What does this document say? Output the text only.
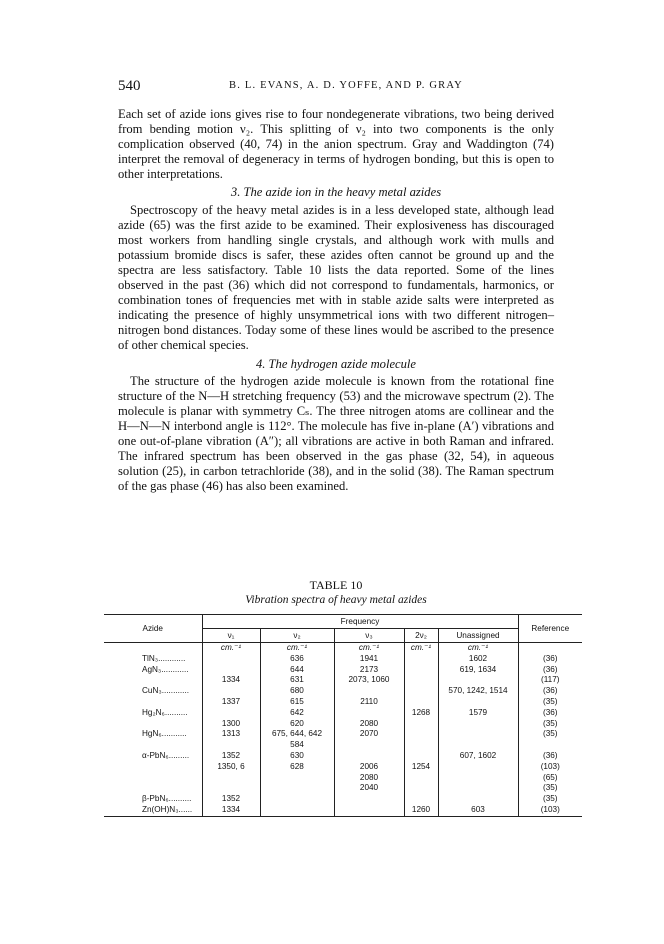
540	B. L. EVANS, A. D. YOFFE, AND P. GRAY

Each set of azide ions gives rise to four nondegenerate vibrations, two being derived from bending motion ν₂. This splitting of ν₂ into two components is the only complication observed (40, 74) in the anion spectrum. Gray and Waddington (74) interpret the removal of degeneracy in terms of hydrogen bonding, but this is open to other interpretations.

3. The azide ion in the heavy metal azides

Spectroscopy of the heavy metal azides is in a less developed state, although lead azide (65) was the first azide to be examined. Their explosiveness has discouraged most workers from handling single crystals, and although work with mulls and potassium bromide discs is safer, these azides often cannot be ground up and the spectra are less satisfactory. Table 10 lists the data reported. Some of the lines observed in the past (36) which did not correspond to fundamentals, harmonics, or combination tones of frequencies met with in stable azide salts were interpreted as indicating the presence of highly unsymmetrical ions with two different nitrogen–nitrogen bond distances. Today some of these lines would be ascribed to the presence of other chemical species.

4. The hydrogen azide molecule

The structure of the hydrogen azide molecule is known from the rotational fine structure of the N—H stretching frequency (53) and the microwave spectrum (2). The molecule is planar with symmetry Cₛ. The three nitrogen atoms are collinear and the H—N—N interbond angle is 112°. The molecule has five in-plane (A′) vibrations and one out-of-plane vibration (A″); all vibrations are active in both Raman and infrared. The infrared spectrum has been observed in the gas phase (32, 54), in aqueous solution (25), in carbon tetrachloride (38), and in the solid (38). The Raman spectrum of the gas phase (46) has also been examined.

TABLE 10
Vibration spectra of heavy metal azides
Azide	Frequency					Reference
	ν₁	ν₂	ν₃	2ν₂	Unassigned	
	cm.⁻¹	cm.⁻¹	cm.⁻¹	cm.⁻¹	cm.⁻¹	
TlN₃............		636	1941		1602	(36)
AgN₃............		644	2173		619, 1634	(36)
	1334	631	2073, 1060			(117)
CuN₃............		680			570, 1242, 1514	(36)
	1337	615	2110			(35)
Hg₂N₆..........		642		1268	1579	(36)
	1300	620	2080			(35)
HgN₆...........	1313	675, 644, 642	2070			(35)
		584				
α-PbN₆.........	1352	630			607, 1602	(36)
	1350, 6	628	2006	1254		(103)
			2080			(65)
			2040			(35)
β-PbN₆..........	1352					(35)
Zn(OH)N₃......	1334			1260	603	(103)
